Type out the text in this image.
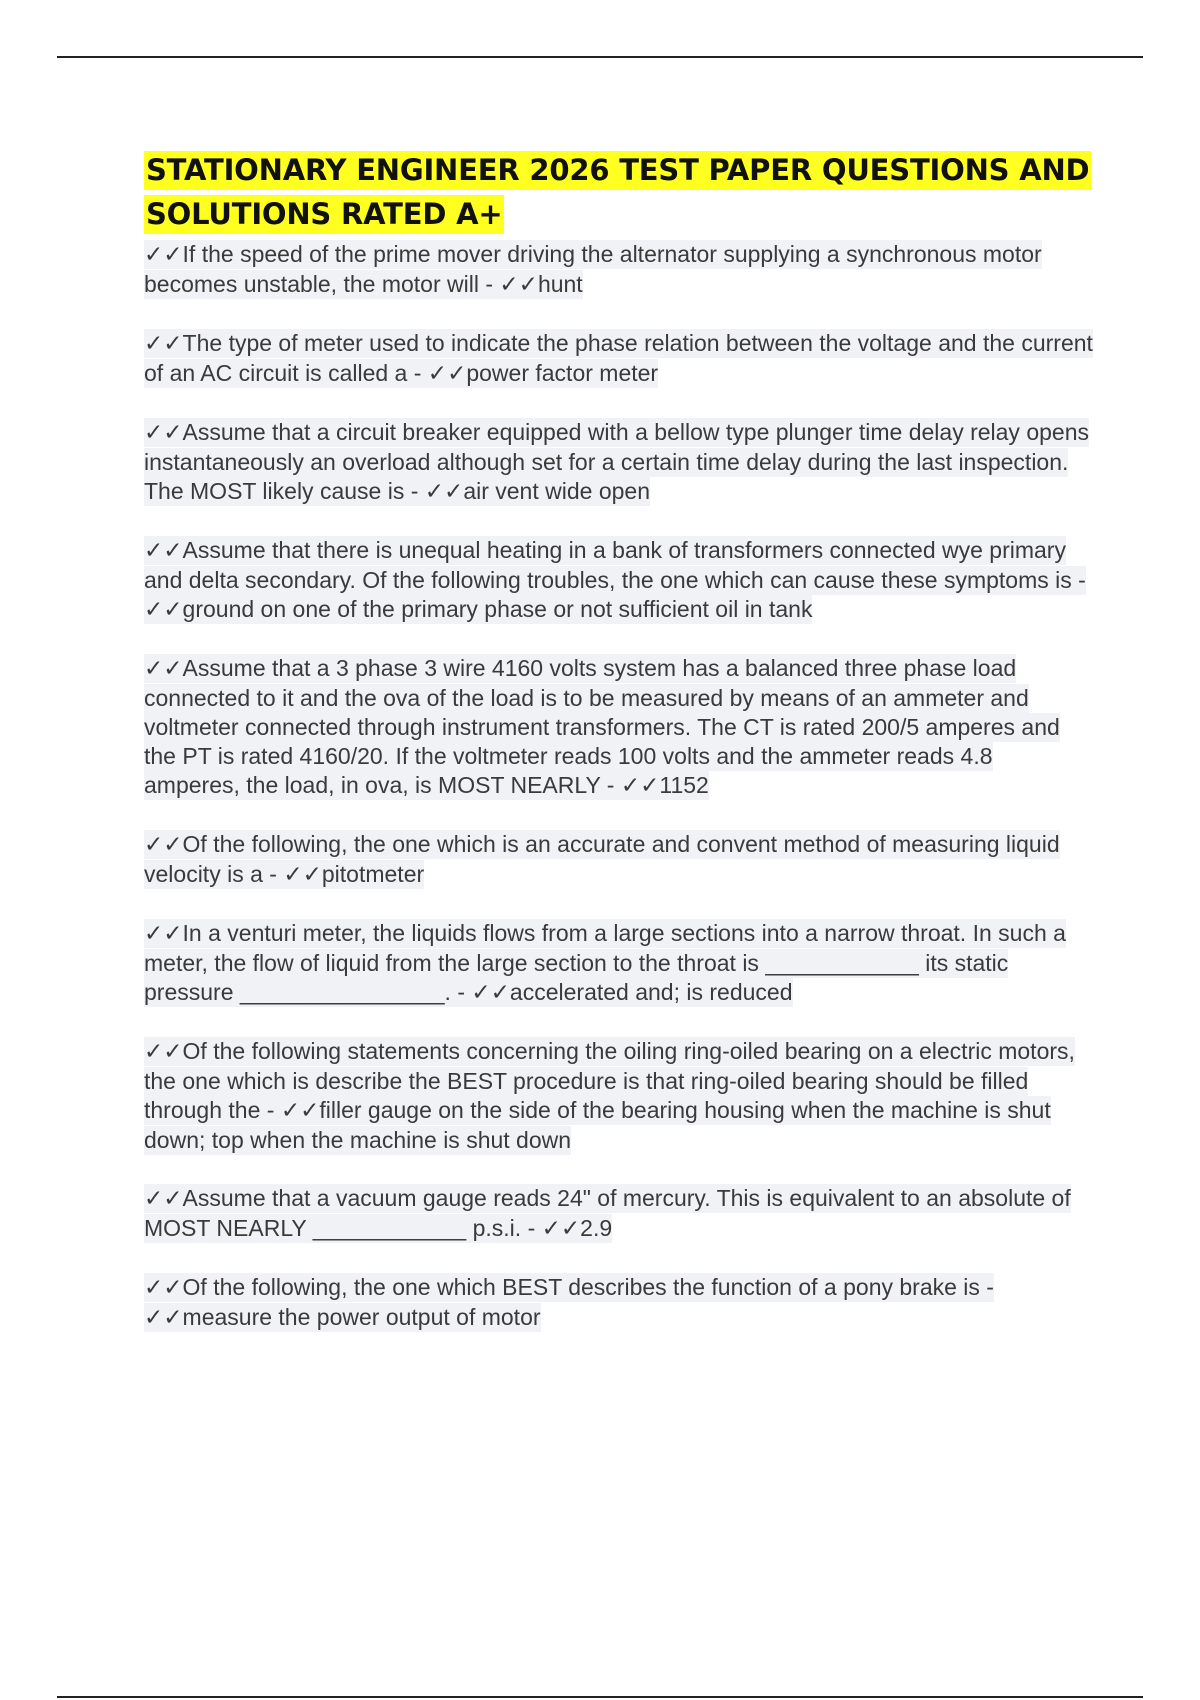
STATIONARY ENGINEER 2026 TEST PAPER QUESTIONS AND SOLUTIONS RATED A+

✓✓If the speed of the prime mover driving the alternator supplying a synchronous motor becomes unstable, the motor will - ✓✓hunt

✓✓The type of meter used to indicate the phase relation between the voltage and the current of an AC circuit is called a - ✓✓power factor meter

✓✓Assume that a circuit breaker equipped with a bellow type plunger time delay relay opens instantaneously an overload although set for a certain time delay during the last inspection. The MOST likely cause is - ✓✓air vent wide open

✓✓Assume that there is unequal heating in a bank of transformers connected wye primary and delta secondary. Of the following troubles, the one which can cause these symptoms is - ✓✓ground on one of the primary phase or not sufficient oil in tank

✓✓Assume that a 3 phase 3 wire 4160 volts system has a balanced three phase load connected to it and the ova of the load is to be measured by means of an ammeter and voltmeter connected through instrument transformers. The CT is rated 200/5 amperes and the PT is rated 4160/20. If the voltmeter reads 100 volts and the ammeter reads 4.8 amperes, the load, in ova, is MOST NEARLY - ✓✓1152

✓✓Of the following, the one which is an accurate and convent method of measuring liquid velocity is a - ✓✓pitotmeter

✓✓In a venturi meter, the liquids flows from a large sections into a narrow throat. In such a meter, the flow of liquid from the large section to the throat is ____________ its static pressure ________________. - ✓✓accelerated and; is reduced

✓✓Of the following statements concerning the oiling ring-oiled bearing on a electric motors, the one which is describe the BEST procedure is that ring-oiled bearing should be filled through the - ✓✓filler gauge on the side of the bearing housing when the machine is shut down; top when the machine is shut down

✓✓Assume that a vacuum gauge reads 24" of mercury. This is equivalent to an absolute of MOST NEARLY ____________ p.s.i. - ✓✓2.9

✓✓Of the following, the one which BEST describes the function of a pony brake is - ✓✓measure the power output of motor
